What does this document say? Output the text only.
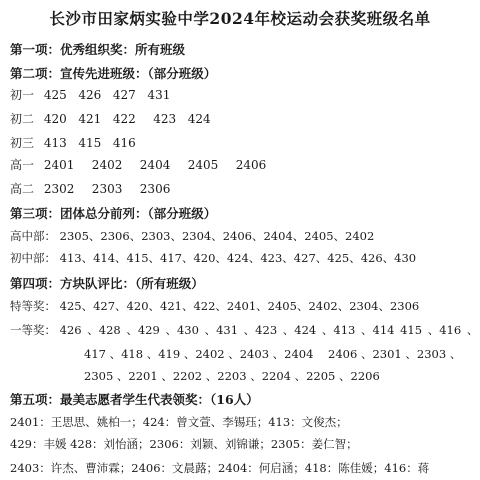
长沙市田家炳实验中学2024年校运动会获奖班级名单
第一项：优秀组织奖：所有班级
第二项：宣传先进班级：（部分班级）
初一 425  426  427  431
初二 420  421  422   423  424
初三 413  415  416
高一 2401   2402   2404   2405   2406
高二 2302   2303   2306
第三项：团体总分前列：（部分班级）
高中部： 2305、2306、2303、2304、2406、2404、2405、2402
初中部： 413、414、415、417、420、424、423、427、425、426、430
第四项：方块队评比：（所有班级）
特等奖： 425、427、420、421、422、2401、2405、2402、2304、2306
一等奖： 426 、428 、429 、430 、431 、423 、424 、413 、414 415 、416 、
417 、418 、419 、2402 、2403 、2404    2406 、2301 、2303 、
2305 、2201 、2202 、2203 、2204 、2205 、2206
第五项：最美志愿者学生代表领奖：（16人）
2401：王思思、姚柏一；424：曾文萱、李锡珏；413：文俊杰；
429：丰媛 428：刘怡涵；2306：刘颖、刘锦谦；2305：姜仁智；
2403：许杰、曹沛霖；2406：文晨蕗；2404：何启涵；418：陈佳媛；416：蒋
